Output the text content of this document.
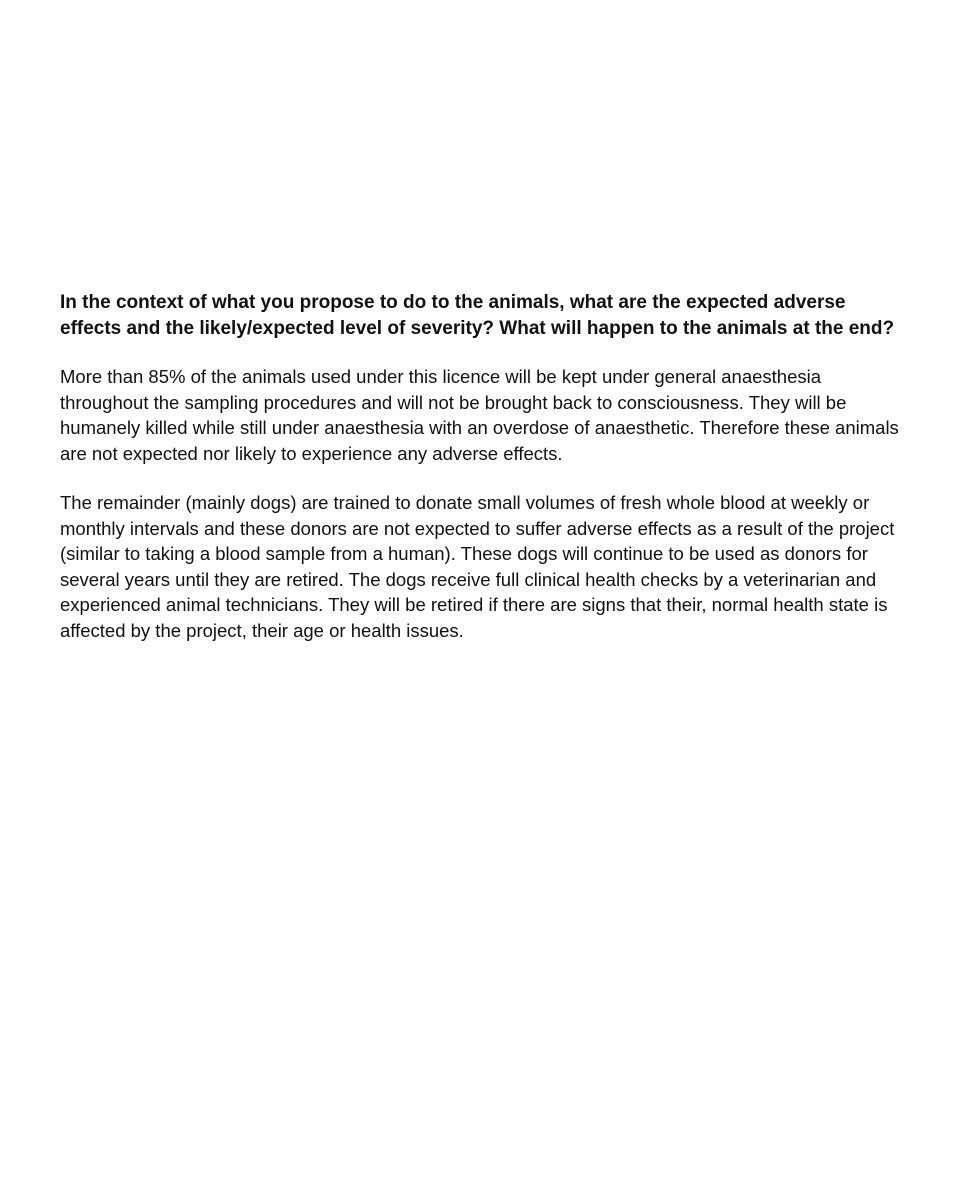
In the context of what you propose to do to the animals, what are the expected adverse effects and the likely/expected level of severity? What will happen to the animals at the end?

More than 85% of the animals used under this licence will be kept under general anaesthesia throughout the sampling procedures and will not be brought back to consciousness. They will be humanely killed while still under anaesthesia with an overdose of anaesthetic. Therefore these animals are not expected nor likely to experience any adverse effects.

The remainder (mainly dogs) are trained to donate small volumes of fresh whole blood at weekly or monthly intervals and these donors are not expected to suffer adverse effects as a result of the project (similar to taking a blood sample from a human). These dogs will continue to be used as donors for several years until they are retired. The dogs receive full clinical health checks by a veterinarian and experienced animal technicians. They will be retired if there are signs that their, normal health state is affected by the project, their age or health issues.
